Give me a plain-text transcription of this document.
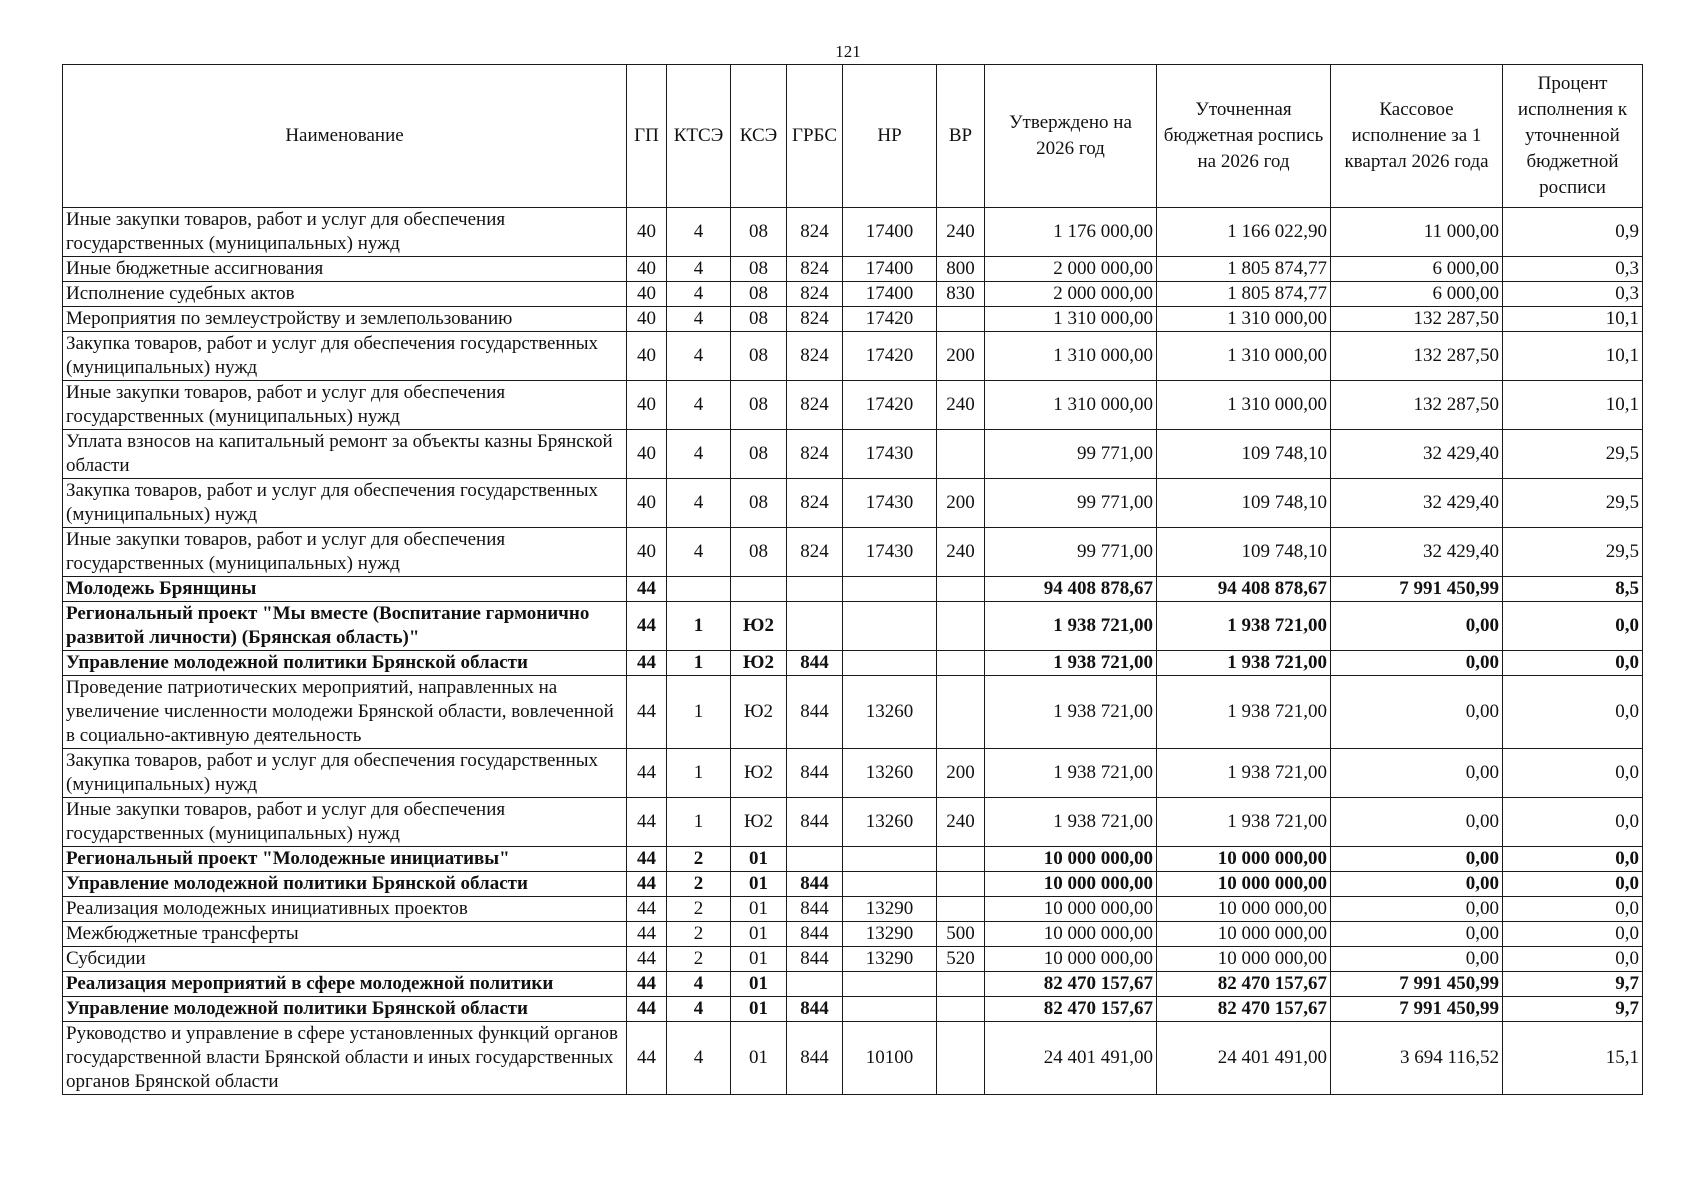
121
Наименование	ГП	КТСЭ	КСЭ	ГРБС	НР	ВР	Утверждено на 2026 год	Уточненная бюджетная роспись на 2026 год	Кассовое исполнение за 1 квартал 2026 года	Процент исполнения к уточненной бюджетной росписи
Иные закупки товаров, работ и услуг для обеспечения государственных (муниципальных) нужд	40	4	08	824	17400	240	1 176 000,00	1 166 022,90	11 000,00	0,9
Иные бюджетные ассигнования	40	4	08	824	17400	800	2 000 000,00	1 805 874,77	6 000,00	0,3
Исполнение судебных актов	40	4	08	824	17400	830	2 000 000,00	1 805 874,77	6 000,00	0,3
Мероприятия по землеустройству и землепользованию	40	4	08	824	17420		1 310 000,00	1 310 000,00	132 287,50	10,1
Закупка товаров, работ и услуг для обеспечения государственных (муниципальных) нужд	40	4	08	824	17420	200	1 310 000,00	1 310 000,00	132 287,50	10,1
Иные закупки товаров, работ и услуг для обеспечения государственных (муниципальных) нужд	40	4	08	824	17420	240	1 310 000,00	1 310 000,00	132 287,50	10,1
Уплата взносов на капитальный ремонт за объекты казны Брянской области	40	4	08	824	17430		99 771,00	109 748,10	32 429,40	29,5
Закупка товаров, работ и услуг для обеспечения государственных (муниципальных) нужд	40	4	08	824	17430	200	99 771,00	109 748,10	32 429,40	29,5
Иные закупки товаров, работ и услуг для обеспечения государственных (муниципальных) нужд	40	4	08	824	17430	240	99 771,00	109 748,10	32 429,40	29,5
Молодежь Брянщины	44						94 408 878,67	94 408 878,67	7 991 450,99	8,5
Региональный проект "Мы вместе (Воспитание гармонично развитой личности) (Брянская область)"	44	1	Ю2				1 938 721,00	1 938 721,00	0,00	0,0
Управление молодежной политики Брянской области	44	1	Ю2	844			1 938 721,00	1 938 721,00	0,00	0,0
Проведение патриотических мероприятий, направленных на увеличение численности молодежи Брянской области, вовлеченной в социально-активную деятельность	44	1	Ю2	844	13260		1 938 721,00	1 938 721,00	0,00	0,0
Закупка товаров, работ и услуг для обеспечения государственных (муниципальных) нужд	44	1	Ю2	844	13260	200	1 938 721,00	1 938 721,00	0,00	0,0
Иные закупки товаров, работ и услуг для обеспечения государственных (муниципальных) нужд	44	1	Ю2	844	13260	240	1 938 721,00	1 938 721,00	0,00	0,0
Региональный проект "Молодежные инициативы"	44	2	01				10 000 000,00	10 000 000,00	0,00	0,0
Управление молодежной политики Брянской области	44	2	01	844			10 000 000,00	10 000 000,00	0,00	0,0
Реализация молодежных инициативных проектов	44	2	01	844	13290		10 000 000,00	10 000 000,00	0,00	0,0
Межбюджетные трансферты	44	2	01	844	13290	500	10 000 000,00	10 000 000,00	0,00	0,0
Субсидии	44	2	01	844	13290	520	10 000 000,00	10 000 000,00	0,00	0,0
Реализация мероприятий в сфере молодежной политики	44	4	01				82 470 157,67	82 470 157,67	7 991 450,99	9,7
Управление молодежной политики Брянской области	44	4	01	844			82 470 157,67	82 470 157,67	7 991 450,99	9,7
Руководство и управление в сфере установленных функций органов государственной власти Брянской области и иных государственных органов Брянской области	44	4	01	844	10100		24 401 491,00	24 401 491,00	3 694 116,52	15,1
